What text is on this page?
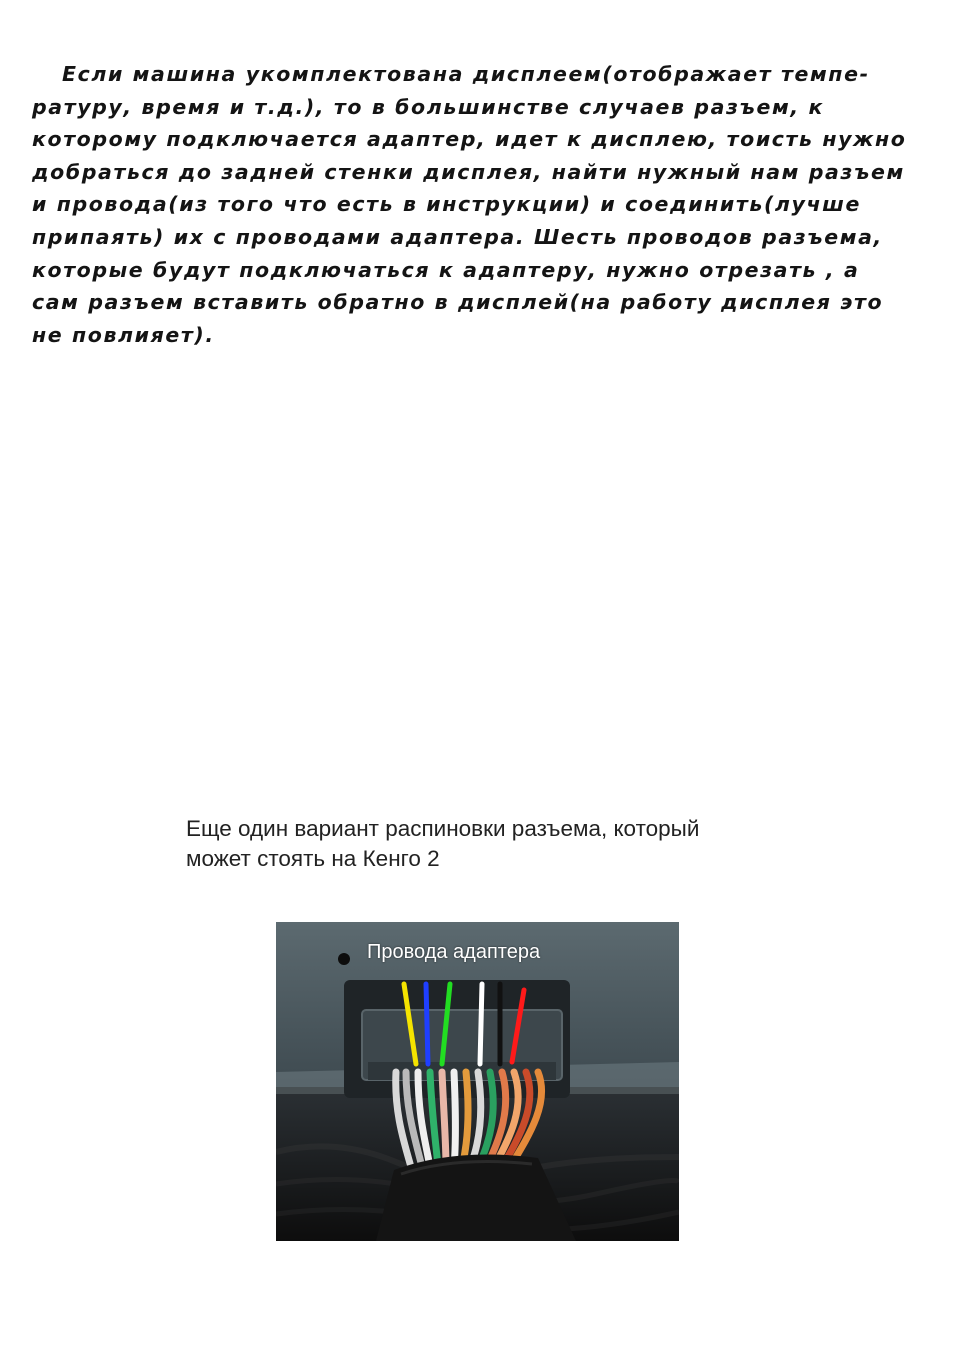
Если машина укомплектована дисплеем(отображает темпе-
ратуру, время и т.д.), то в большинстве случаев разъем, к
которому подключается адаптер, идет к дисплею, тоисть нужно
добраться до задней стенки дисплея, найти нужный нам разъем
и провода(из того что есть в инструкции) и соединить(лучше
припаять) их с проводами адаптера. Шесть проводов разъема,
которые будут подключаться к адаптеру, нужно отрезать , а
сам разъем вставить обратно в дисплей(на работу дисплея это
не повлияет).
Еще один вариант распиновки разъема, который
может стоять на Кенго 2
Провода адаптера
